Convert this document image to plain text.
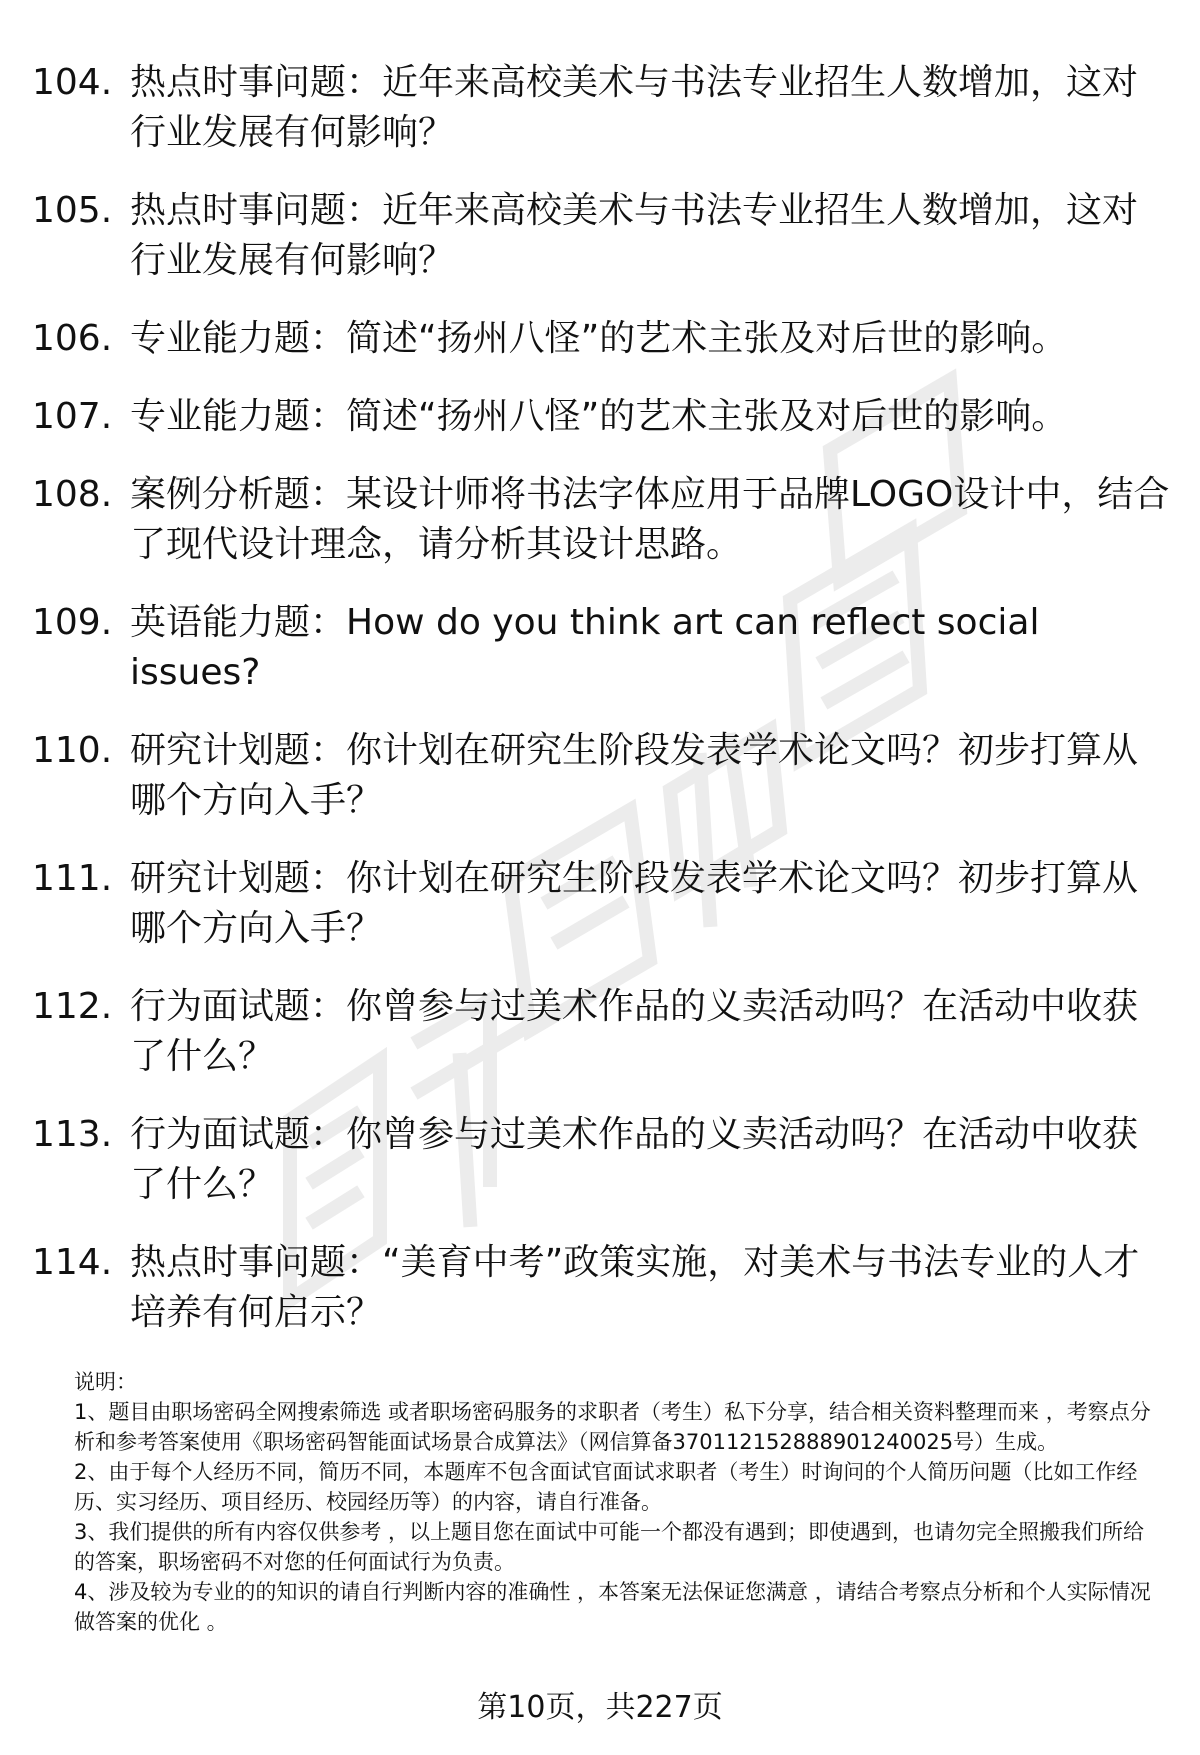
104. 热点时事问题：近年来高校美术与书法专业招生人数增加，这对行业发展有何影响？
105. 热点时事问题：近年来高校美术与书法专业招生人数增加，这对行业发展有何影响？
106. 专业能力题：简述“扬州八怪”的艺术主张及对后世的影响。
107. 专业能力题：简述“扬州八怪”的艺术主张及对后世的影响。
108. 案例分析题：某设计师将书法字体应用于品牌LOGO设计中，结合了现代设计理念，请分析其设计思路。
109. 英语能力题：How do you think art can reflect social issues?
110. 研究计划题：你计划在研究生阶段发表学术论文吗？初步打算从哪个方向入手？
111. 研究计划题：你计划在研究生阶段发表学术论文吗？初步打算从哪个方向入手？
112. 行为面试题：你曾参与过美术作品的义卖活动吗？在活动中收获了什么？
113. 行为面试题：你曾参与过美术作品的义卖活动吗？在活动中收获了什么？
114. 热点时事问题：“美育中考”政策实施，对美术与书法专业的人才培养有何启示？

说明：

1、题目由职场密码全网搜索筛选 或者职场密码服务的求职者（考生）私下分享，结合相关资料整理而来 ，考察点分析和参考答案使用《职场密码智能面试场景合成算法》（网信算备370112152888901240025号）生成。

2、由于每个人经历不同，简历不同，本题库不包含面试官面试求职者（考生）时询问的个人简历问题（比如工作经历、实习经历、项目经历、校园经历等）的内容，请自行准备。

3、我们提供的所有内容仅供参考 ，以上题目您在面试中可能一个都没有遇到；即使遇到，也请勿完全照搬我们所给的答案，职场密码不对您的任何面试行为负责。

4、涉及较为专业的的知识的请自行判断内容的准确性 ，本答案无法保证您满意 ，请结合考察点分析和个人实际情况做答案的优化 。

第10页，共227页
